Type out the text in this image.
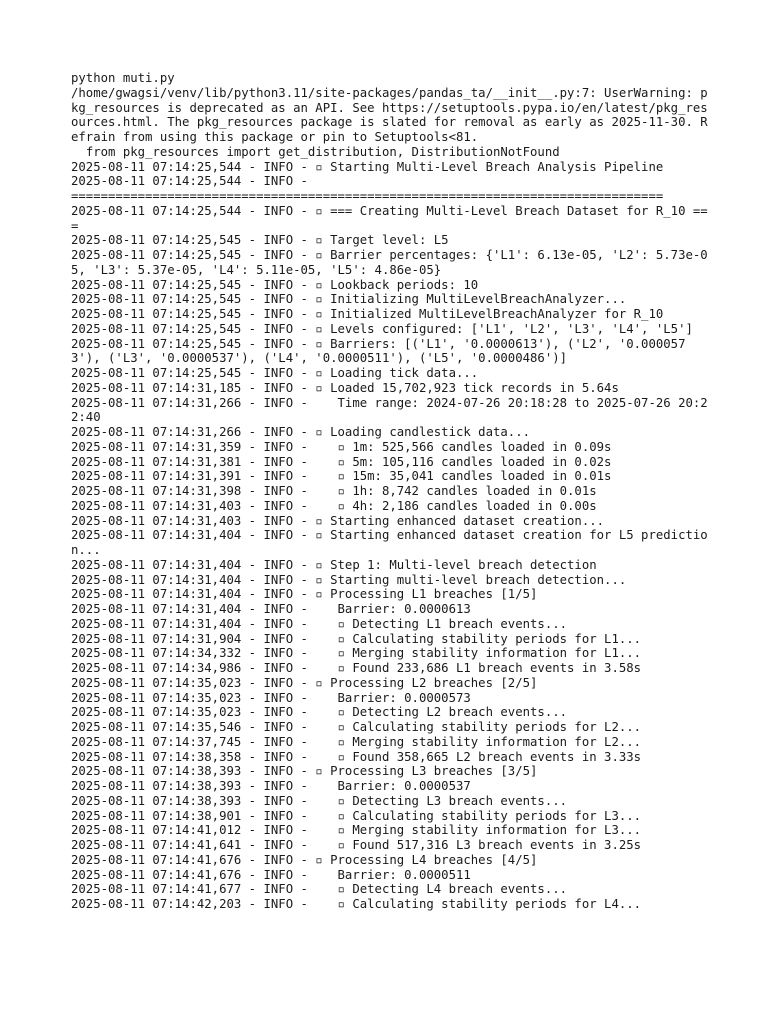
python muti.py
/home/gwagsi/venv/lib/python3.11/site-packages/pandas_ta/__init__.py:7: UserWarning: pkg_resources is deprecated as an API. See https://setuptools.pypa.io/en/latest/pkg_resources.html. The pkg_resources package is slated for removal as early as 2025-11-30. Refrain from using this package or pin to Setuptools<81.
from pkg_resources import get_distribution, DistributionNotFound
2025-08-11 07:14:25,544 - INFO - ▫ Starting Multi-Level Breach Analysis Pipeline
2025-08-11 07:14:25,544 - INFO -
================================================================================
2025-08-11 07:14:25,544 - INFO - ▫ === Creating Multi-Level Breach Dataset for R_10 ===
2025-08-11 07:14:25,545 - INFO - ▫ Target level: L5
2025-08-11 07:14:25,545 - INFO - ▫ Barrier percentages: {'L1': 6.13e-05, 'L2': 5.73e-05, 'L3': 5.37e-05, 'L4': 5.11e-05, 'L5': 4.86e-05}
2025-08-11 07:14:25,545 - INFO - ▫ Lookback periods: 10
2025-08-11 07:14:25,545 - INFO - ▫ Initializing MultiLevelBreachAnalyzer...
2025-08-11 07:14:25,545 - INFO - ▫ Initialized MultiLevelBreachAnalyzer for R_10
2025-08-11 07:14:25,545 - INFO - ▫ Levels configured: ['L1', 'L2', 'L3', 'L4', 'L5']
2025-08-11 07:14:25,545 - INFO - ▫ Barriers: [('L1', '0.0000613'), ('L2', '0.0000573'), ('L3', '0.0000537'), ('L4', '0.0000511'), ('L5', '0.0000486')]
2025-08-11 07:14:25,545 - INFO - ▫ Loading tick data...
2025-08-11 07:14:31,185 - INFO - ▫ Loaded 15,702,923 tick records in 5.64s
2025-08-11 07:14:31,266 - INFO -    Time range: 2024-07-26 20:18:28 to 2025-07-26 20:22:40
2025-08-11 07:14:31,266 - INFO - ▫ Loading candlestick data...
2025-08-11 07:14:31,359 - INFO -    ▫ 1m: 525,566 candles loaded in 0.09s
2025-08-11 07:14:31,381 - INFO -    ▫ 5m: 105,116 candles loaded in 0.02s
2025-08-11 07:14:31,391 - INFO -    ▫ 15m: 35,041 candles loaded in 0.01s
2025-08-11 07:14:31,398 - INFO -    ▫ 1h: 8,742 candles loaded in 0.01s
2025-08-11 07:14:31,403 - INFO -    ▫ 4h: 2,186 candles loaded in 0.00s
2025-08-11 07:14:31,403 - INFO - ▫ Starting enhanced dataset creation...
2025-08-11 07:14:31,404 - INFO - ▫ Starting enhanced dataset creation for L5 prediction...
2025-08-11 07:14:31,404 - INFO - ▫ Step 1: Multi-level breach detection
2025-08-11 07:14:31,404 - INFO - ▫ Starting multi-level breach detection...
2025-08-11 07:14:31,404 - INFO - ▫ Processing L1 breaches [1/5]
2025-08-11 07:14:31,404 - INFO -    Barrier: 0.0000613
2025-08-11 07:14:31,404 - INFO -    ▫ Detecting L1 breach events...
2025-08-11 07:14:31,904 - INFO -    ▫ Calculating stability periods for L1...
2025-08-11 07:14:34,332 - INFO -    ▫ Merging stability information for L1...
2025-08-11 07:14:34,986 - INFO -    ▫ Found 233,686 L1 breach events in 3.58s
2025-08-11 07:14:35,023 - INFO - ▫ Processing L2 breaches [2/5]
2025-08-11 07:14:35,023 - INFO -    Barrier: 0.0000573
2025-08-11 07:14:35,023 - INFO -    ▫ Detecting L2 breach events...
2025-08-11 07:14:35,546 - INFO -    ▫ Calculating stability periods for L2...
2025-08-11 07:14:37,745 - INFO -    ▫ Merging stability information for L2...
2025-08-11 07:14:38,358 - INFO -    ▫ Found 358,665 L2 breach events in 3.33s
2025-08-11 07:14:38,393 - INFO - ▫ Processing L3 breaches [3/5]
2025-08-11 07:14:38,393 - INFO -    Barrier: 0.0000537
2025-08-11 07:14:38,393 - INFO -    ▫ Detecting L3 breach events...
2025-08-11 07:14:38,901 - INFO -    ▫ Calculating stability periods for L3...
2025-08-11 07:14:41,012 - INFO -    ▫ Merging stability information for L3...
2025-08-11 07:14:41,641 - INFO -    ▫ Found 517,316 L3 breach events in 3.25s
2025-08-11 07:14:41,676 - INFO - ▫ Processing L4 breaches [4/5]
2025-08-11 07:14:41,676 - INFO -    Barrier: 0.0000511
2025-08-11 07:14:41,677 - INFO -    ▫ Detecting L4 breach events...
2025-08-11 07:14:42,203 - INFO -    ▫ Calculating stability periods for L4...
